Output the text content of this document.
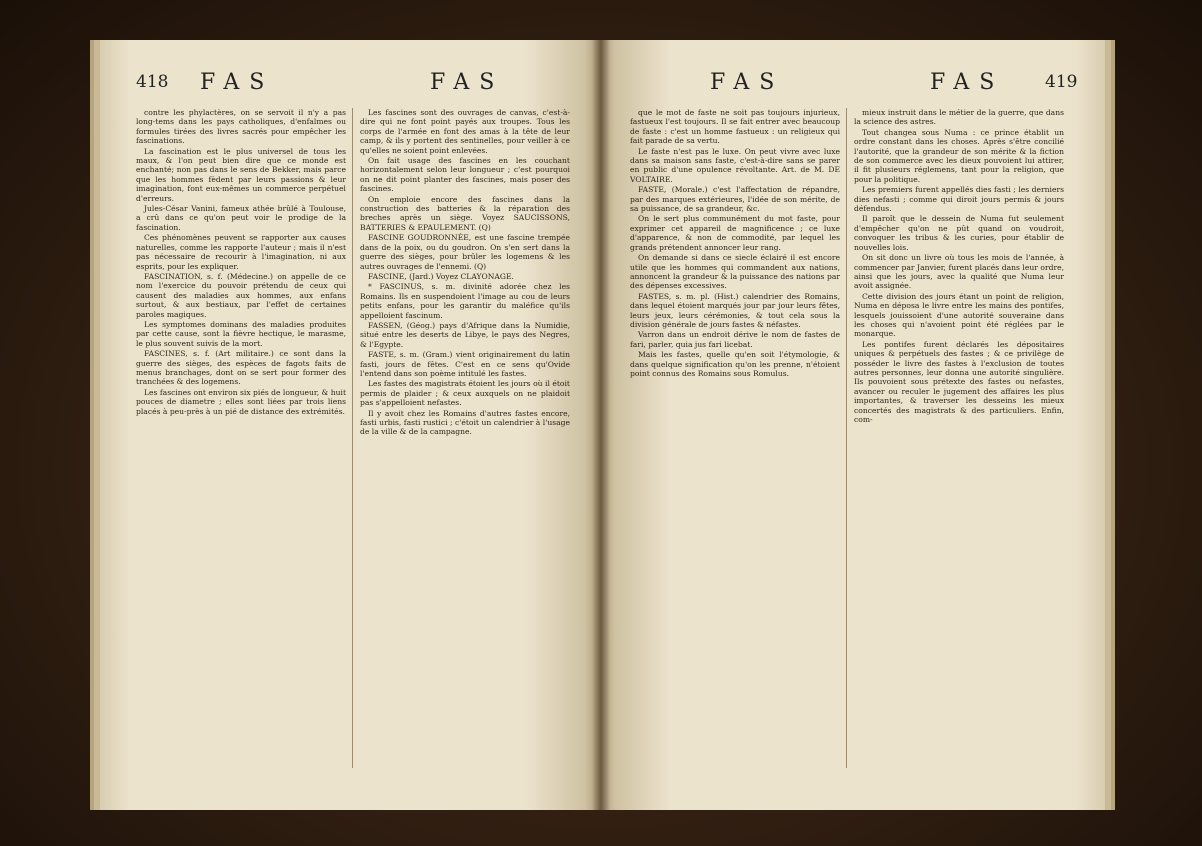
418 FAS	FAS

contre les phylactères, on se servoit il n'y a pas long-tems dans les pays catholiques, d'enfalmes ou formules tirées des livres sacrés pour empêcher les fascinations.

La fascination est le plus universel de tous les maux, & l'on peut bien dire que ce monde est enchanté; non pas dans le sens de Bekker, mais parce que les hommes fèdent par leurs passions & leur imagination, font eux-mêmes un commerce perpétuel d'erreurs.

Jules-César Vanini, fameux athée brûlé à Toulouse, a crû dans ce qu'on peut voir le prodige de la fascination.

Ces phénomènes peuvent se rapporter aux causes naturelles, comme les rapporte l'auteur ; mais il n'est pas nécessaire de recourir à l'imagination, ni aux esprits, pour les expliquer.

FASCINATION, s. f. (Médecine.) on appelle de ce nom l'exercice du pouvoir prétendu de ceux qui causent des maladies aux hommes, aux enfans surtout, & aux bestiaux, par l'effet de certaines paroles magiques.

Les symptomes dominans des maladies produites par cette cause, sont la fièvre hectique, le marasme, le plus souvent suivis de la mort.

FASCINES, s. f. (Art militaire.) ce sont dans la guerre des sièges, des espèces de fagots faits de menus branchages, dont on se sert pour former des tranchées & des logemens.

Les fascines ont environ six piés de longueur, & huit pouces de diametre ; elles sont liées par trois liens placés à peu-près à un pié de distance des extrémités.

Les fascines sont des ouvrages de canvas, c'est-à-dire qui ne font point payés aux troupes. Tous les corps de l'armée en font des amas à la tête de leur camp, & ils y portent des sentinelles, pour veiller à ce qu'elles ne soient point enlevées.

On fait usage des fascines en les couchant horizontalement selon leur longueur ; c'est pourquoi on ne dit point planter des fascines, mais poser des fascines.

On emploie encore des fascines dans la construction des batteries & la réparation des breches après un siège. Voyez SAUCISSONS, BATTERIES & EPAULEMENT. (Q)

FASCINE GOUDRONNÉE, est une fascine trempée dans de la poix, ou du goudron. On s'en sert dans la guerre des sièges, pour brûler les logemens & les autres ouvrages de l'ennemi. (Q)

FASCINE, (Jard.) Voyez CLAYONAGE.

* FASCINUS, s. m. divinité adorée chez les Romains. Ils en suspendoient l'image au cou de leurs petits enfans, pour les garantir du maléfice qu'ils appelloient fascinum.

FASSEN, (Géog.) pays d'Afrique dans la Numidie, situé entre les deserts de Libye, le pays des Negres, & l'Egypte.

FASTE, s. m. (Gram.) vient originairement du latin fasti, jours de fêtes. C'est en ce sens qu'Ovide l'entend dans son poème intitulé les fastes.

Les fastes des magistrats étoient les jours où il étoit permis de plaider ; & ceux auxquels on ne plaidoit pas s'appelloient nefastes.

Il y avoit chez les Romains d'autres fastes encore, fasti urbis, fasti rustici ; c'étoit un calendrier à l'usage de la ville & de la campagne.

FAS	FAS 419

que le mot de faste ne soit pas toujours injurieux, fastueux l'est toujours. Il se fait entrer avec beaucoup de faste : c'est un homme fastueux : un religieux qui fait parade de sa vertu.

Le faste n'est pas le luxe. On peut vivre avec luxe dans sa maison sans faste, c'est-à-dire sans se parer en public d'une opulence révoltante. Art. de M. DE VOLTAIRE.

FASTE, (Morale.) c'est l'affectation de répandre, par des marques extérieures, l'idée de son mérite, de sa puissance, de sa grandeur, &c.

On le sert plus communément du mot faste, pour exprimer cet appareil de magnificence ; ce luxe d'apparence, & non de commodité, par lequel les grands prétendent annoncer leur rang.

On demande si dans ce siecle éclairé il est encore utile que les hommes qui commandent aux nations, annoncent la grandeur & la puissance des nations par des dépenses excessives.

FASTES, s. m. pl. (Hist.) calendrier des Romains, dans lequel étoient marqués jour par jour leurs fêtes, leurs jeux, leurs cérémonies, & tout cela sous la division générale de jours fastes & néfastes.

Varron dans un endroit dérive le nom de fastes de fari, parler, quia jus fari licebat.

Mais les fastes, quelle qu'en soit l'étymologie, & dans quelque signification qu'on les prenne, n'étoient point connus des Romains sous Romulus.

mieux instruit dans le métier de la guerre, que dans la science des astres.

Tout changea sous Numa : ce prince établit un ordre constant dans les choses. Après s'être concilié l'autorité, que la grandeur de son mérite & la fiction de son commerce avec les dieux pouvoient lui attirer, il fit plusieurs réglemens, tant pour la religion, que pour la politique.

Les premiers furent appellés dies fasti ; les derniers dies nefasti ; comme qui diroit jours permis & jours défendus.

Il paroît que le dessein de Numa fut seulement d'empêcher qu'on ne pût quand on voudroit, convoquer les tribus & les curies, pour établir de nouvelles lois.

On sit donc un livre où tous les mois de l'année, à commencer par Janvier, furent placés dans leur ordre, ainsi que les jours, avec la qualité que Numa leur avoit assignée.

Cette division des jours étant un point de religion, Numa en déposa le livre entre les mains des pontifes, lesquels jouissoient d'une autorité souveraine dans les choses qui n'avoient point été réglées par le monarque.

Les pontifes furent déclarés les dépositaires uniques & perpétuels des fastes ; & ce privilège de posséder le livre des fastes à l'exclusion de toutes autres personnes, leur donna une autorité singulière. Ils pouvoient sous prétexte des fastes ou nefastes, avancer ou reculer le jugement des affaires les plus importantes, & traverser les desseins les mieux concertés des magistrats & des particuliers. Enfin, com-
